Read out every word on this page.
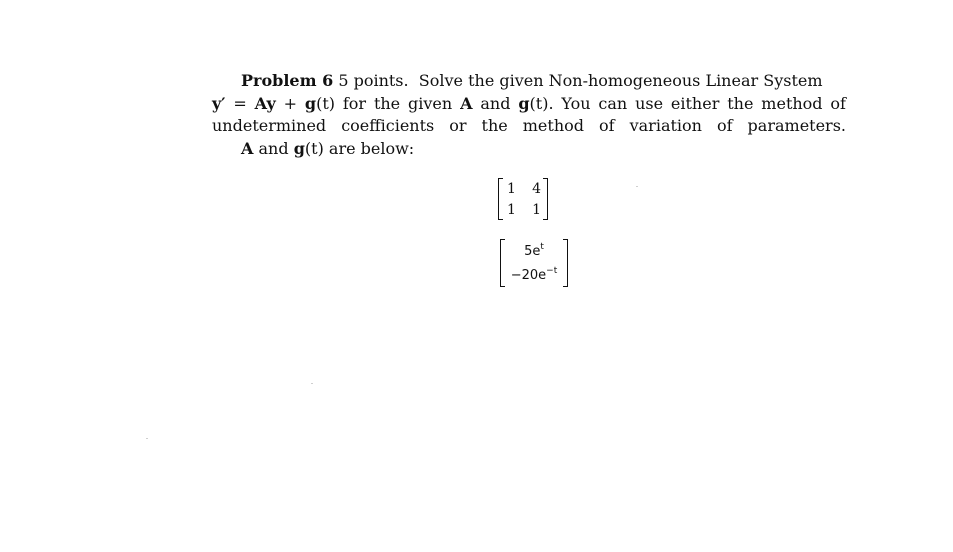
Problem 6 5 points. Solve the given Non-homogeneous Linear System
y′ = Ay + g(t) for the given A and g(t). You can use either the method of
undetermined coefficients or the method of variation of parameters.
A and g(t) are below:
1	4
1	1
$5e^t$
$-20e^{-t}$
